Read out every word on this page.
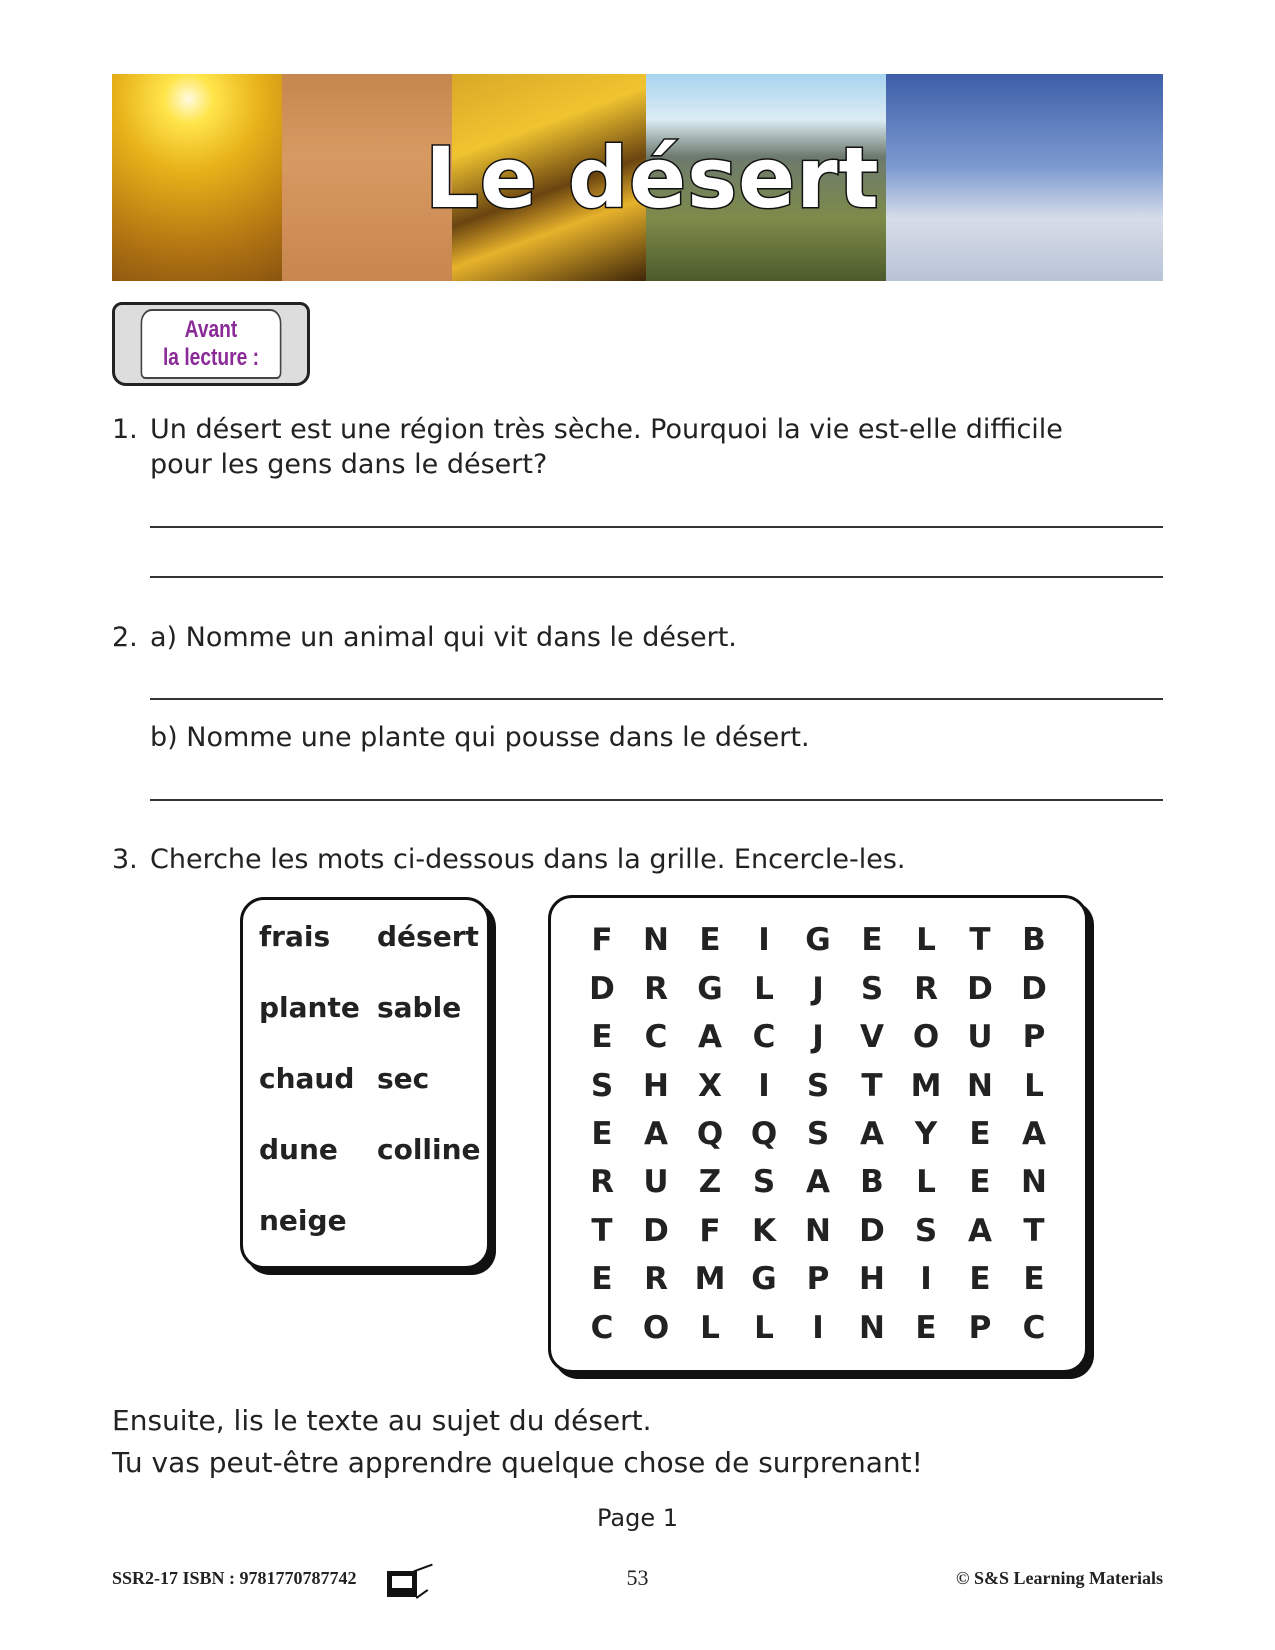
Le désert
Avant
la lecture :
1. Un désert est une région très sèche. Pourquoi la vie est-elle difficile
pour les gens dans le désert?
2. a) Nomme un animal qui vit dans le désert.
b) Nomme une plante qui pousse dans le désert.
3. Cherche les mots ci-dessous dans la grille. Encercle-les.
frais	désert
plante sable
chaud sec
dune	colline
neige
F N E	I	G E	L	T	B
D R G	L	J	S R D D
E	C A C	J	V O U P
S H X	I	S	T M N	L
E	A Q Q S A Y	E	A
R U Z	S A B	L	E N
T D F	K N D S A	T
E	R M G P H	I	E	E
C O L	L	I	N E	P	C
Ensuite, lis le texte au sujet du désert.
Tu vas peut-être apprendre quelque chose de surprenant!
Page 1
SSR2-17 ISBN : 9781770787742	53	© S&S Learning Materials
